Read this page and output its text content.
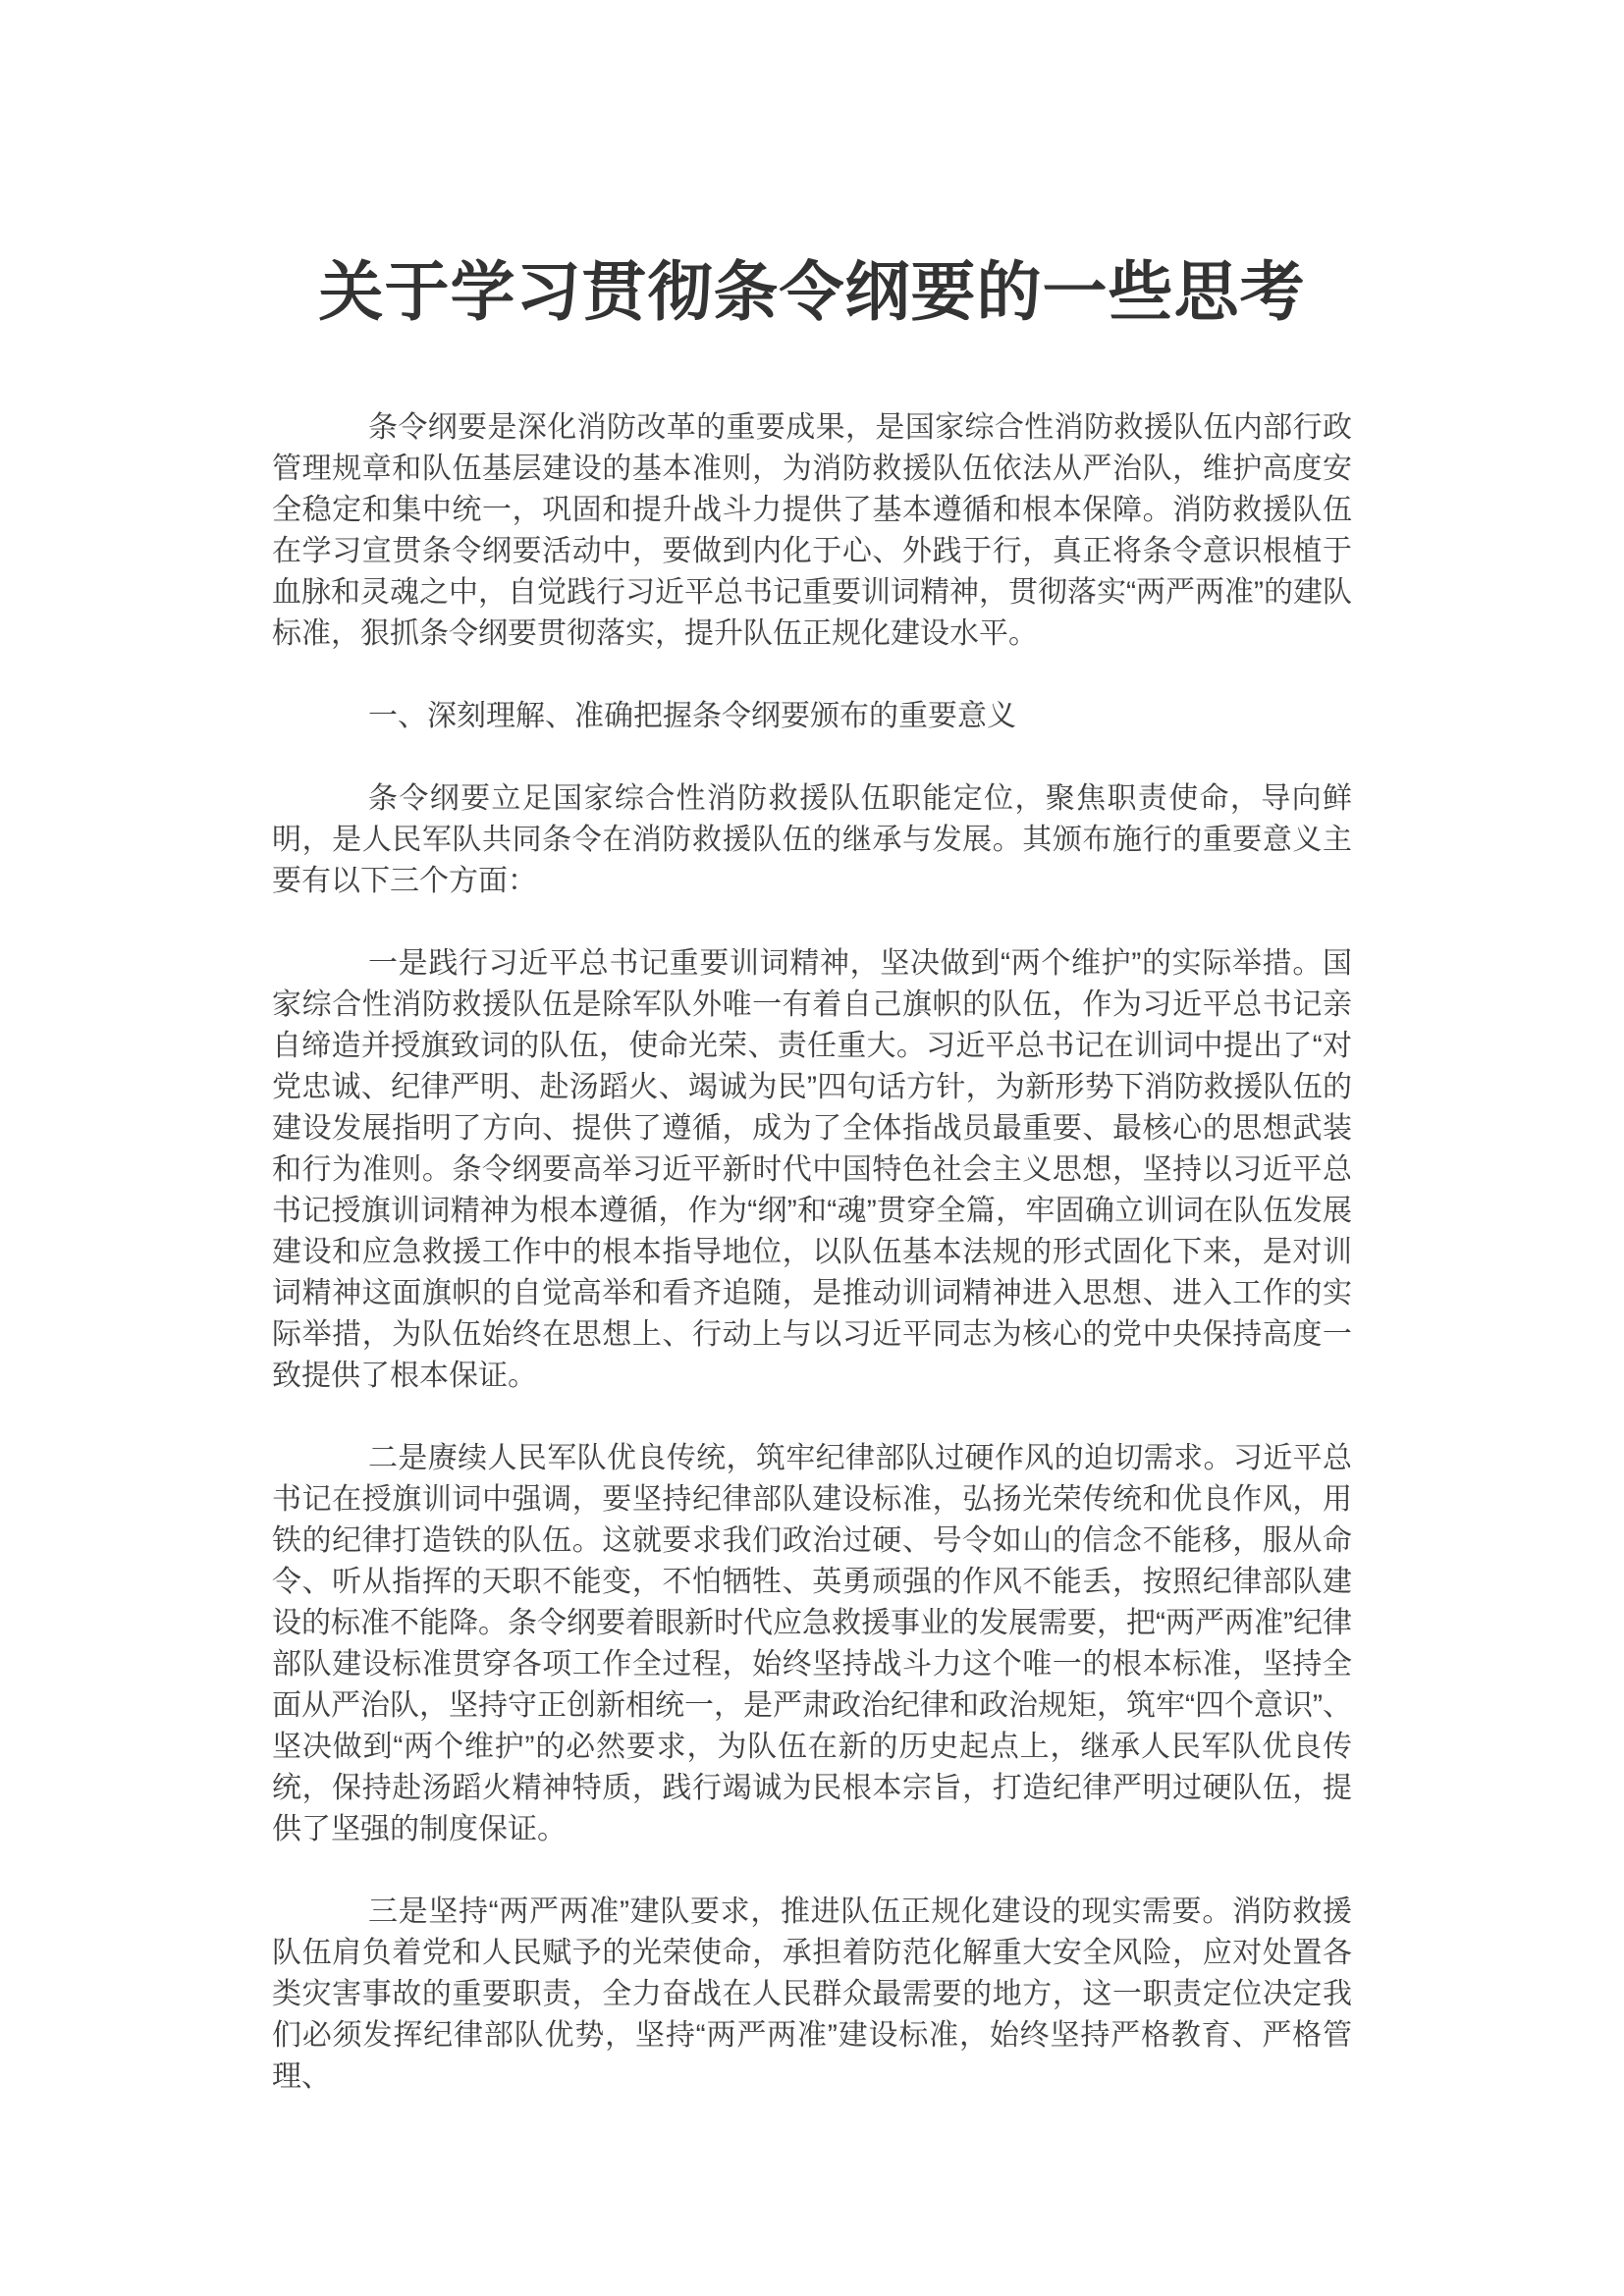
关于学习贯彻条令纲要的一些思考

条令纲要是深化消防改革的重要成果，是国家综合性消防救援队伍内部行政管理规章和队伍基层建设的基本准则，为消防救援队伍依法从严治队，维护高度安全稳定和集中统一，巩固和提升战斗力提供了基本遵循和根本保障。消防救援队伍在学习宣贯条令纲要活动中，要做到内化于心、外践于行，真正将条令意识根植于血脉和灵魂之中，自觉践行习近平总书记重要训词精神，贯彻落实“两严两准”的建队标准，狠抓条令纲要贯彻落实，提升队伍正规化建设水平。

一、深刻理解、准确把握条令纲要颁布的重要意义

条令纲要立足国家综合性消防救援队伍职能定位，聚焦职责使命，导向鲜明，是人民军队共同条令在消防救援队伍的继承与发展。其颁布施行的重要意义主要有以下三个方面：

一是践行习近平总书记重要训词精神，坚决做到“两个维护”的实际举措。国家综合性消防救援队伍是除军队外唯一有着自己旗帜的队伍，作为习近平总书记亲自缔造并授旗致词的队伍，使命光荣、责任重大。习近平总书记在训词中提出了“对党忠诚、纪律严明、赴汤蹈火、竭诚为民”四句话方针，为新形势下消防救援队伍的建设发展指明了方向、提供了遵循，成为了全体指战员最重要、最核心的思想武装和行为准则。条令纲要高举习近平新时代中国特色社会主义思想，坚持以习近平总书记授旗训词精神为根本遵循，作为“纲”和“魂”贯穿全篇，牢固确立训词在队伍发展建设和应急救援工作中的根本指导地位，以队伍基本法规的形式固化下来，是对训词精神这面旗帜的自觉高举和看齐追随，是推动训词精神进入思想、进入工作的实际举措，为队伍始终在思想上、行动上与以习近平同志为核心的党中央保持高度一致提供了根本保证。

二是赓续人民军队优良传统，筑牢纪律部队过硬作风的迫切需求。习近平总书记在授旗训词中强调，要坚持纪律部队建设标准，弘扬光荣传统和优良作风，用铁的纪律打造铁的队伍。这就要求我们政治过硬、号令如山的信念不能移，服从命令、听从指挥的天职不能变，不怕牺牲、英勇顽强的作风不能丢，按照纪律部队建设的标准不能降。条令纲要着眼新时代应急救援事业的发展需要，把“两严两准”纪律部队建设标准贯穿各项工作全过程，始终坚持战斗力这个唯一的根本标准，坚持全面从严治队，坚持守正创新相统一，是严肃政治纪律和政治规矩，筑牢“四个意识”、坚决做到“两个维护”的必然要求，为队伍在新的历史起点上，继承人民军队优良传统，保持赴汤蹈火精神特质，践行竭诚为民根本宗旨，打造纪律严明过硬队伍，提供了坚强的制度保证。

三是坚持“两严两准”建队要求，推进队伍正规化建设的现实需要。消防救援队伍肩负着党和人民赋予的光荣使命，承担着防范化解重大安全风险，应对处置各类灾害事故的重要职责，全力奋战在人民群众最需要的地方，这一职责定位决定我们必须发挥纪律部队优势，坚持“两严两准”建设标准，始终坚持严格教育、严格管理、
